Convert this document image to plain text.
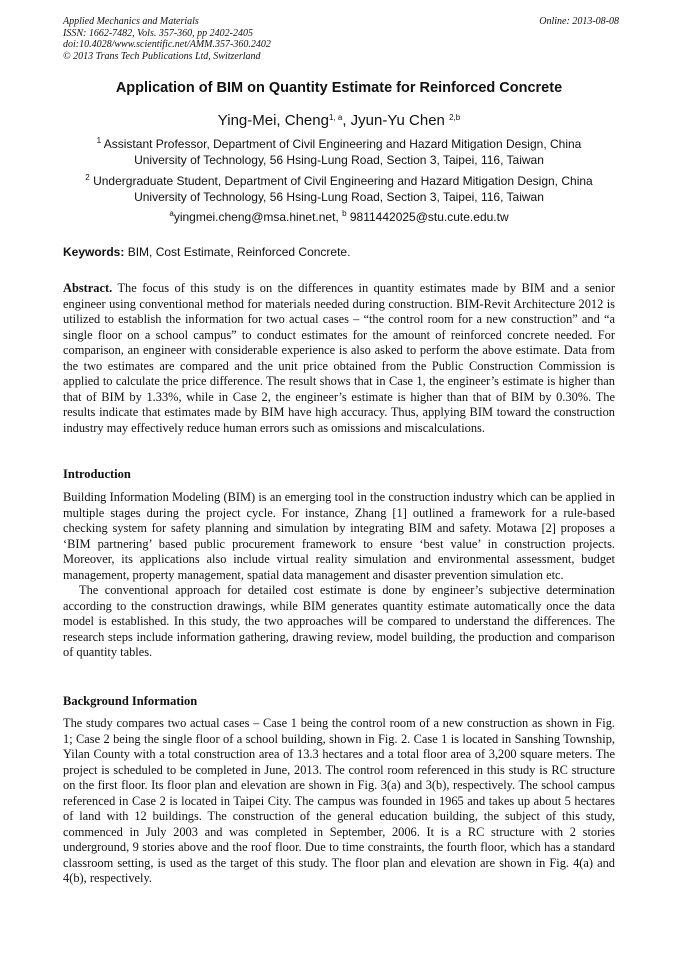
Applied Mechanics and Materials
ISSN: 1662-7482, Vols. 357-360, pp 2402-2405
doi:10.4028/www.scientific.net/AMM.357-360.2402
© 2013 Trans Tech Publications Ltd, Switzerland
Online: 2013-08-08
Application of BIM on Quantity Estimate for Reinforced Concrete
Ying-Mei, Cheng$^{1, a}$, Jyun-Yu Chen $^{2,b}$
$^1$ Assistant Professor, Department of Civil Engineering and Hazard Mitigation Design, China
University of Technology, 56 Hsing-Lung Road, Section 3, Taipei, 116, Taiwan
$^2$ Undergraduate Student, Department of Civil Engineering and Hazard Mitigation Design, China
University of Technology, 56 Hsing-Lung Road, Section 3, Taipei, 116, Taiwan
$^a$yingmei.cheng@msa.hinet.net, $^b$ 9811442025@stu.cute.edu.tw
Keywords: BIM, Cost Estimate, Reinforced Concrete.
Abstract. The focus of this study is on the differences in quantity estimates made by BIM and a senior engineer using conventional method for materials needed during construction. BIM-Revit Architecture 2012 is utilized to establish the information for two actual cases – “the control room for a new construction” and “a single floor on a school campus” to conduct estimates for the amount of reinforced concrete needed. For comparison, an engineer with considerable experience is also asked to perform the above estimate. Data from the two estimates are compared and the unit price obtained from the Public Construction Commission is applied to calculate the price difference. The result shows that in Case 1, the engineer’s estimate is higher than that of BIM by 1.33%, while in Case 2, the engineer’s estimate is higher than that of BIM by 0.30%. The results indicate that estimates made by BIM have high accuracy. Thus, applying BIM toward the construction industry may effectively reduce human errors such as omissions and miscalculations.
Introduction

Building Information Modeling (BIM) is an emerging tool in the construction industry which can be applied in multiple stages during the project cycle. For instance, Zhang [1] outlined a framework for a rule-based checking system for safety planning and simulation by integrating BIM and safety. Motawa [2] proposes a ‘BIM partnering’ based public procurement framework to ensure ‘best value’ in construction projects. Moreover, its applications also include virtual reality simulation and environmental assessment, budget management, property management, spatial data management and disaster prevention simulation etc.

The conventional approach for detailed cost estimate is done by engineer’s subjective determination according to the construction drawings, while BIM generates quantity estimate automatically once the data model is established. In this study, the two approaches will be compared to understand the differences. The research steps include information gathering, drawing review, model building, the production and comparison of quantity tables.

Background Information

The study compares two actual cases – Case 1 being the control room of a new construction as shown in Fig. 1; Case 2 being the single floor of a school building, shown in Fig. 2. Case 1 is located in Sanshing Township, Yilan County with a total construction area of 13.3 hectares and a total floor area of 3,200 square meters. The project is scheduled to be completed in June, 2013. The control room referenced in this study is RC structure on the first floor. Its floor plan and elevation are shown in Fig. 3(a) and 3(b), respectively. The school campus referenced in Case 2 is located in Taipei City. The campus was founded in 1965 and takes up about 5 hectares of land with 12 buildings. The construction of the general education building, the subject of this study, commenced in July 2003 and was completed in September, 2006. It is a RC structure with 2 stories underground, 9 stories above and the roof floor. Due to time constraints, the fourth floor, which has a standard classroom setting, is used as the target of this study. The floor plan and elevation are shown in Fig. 4(a) and 4(b), respectively.
